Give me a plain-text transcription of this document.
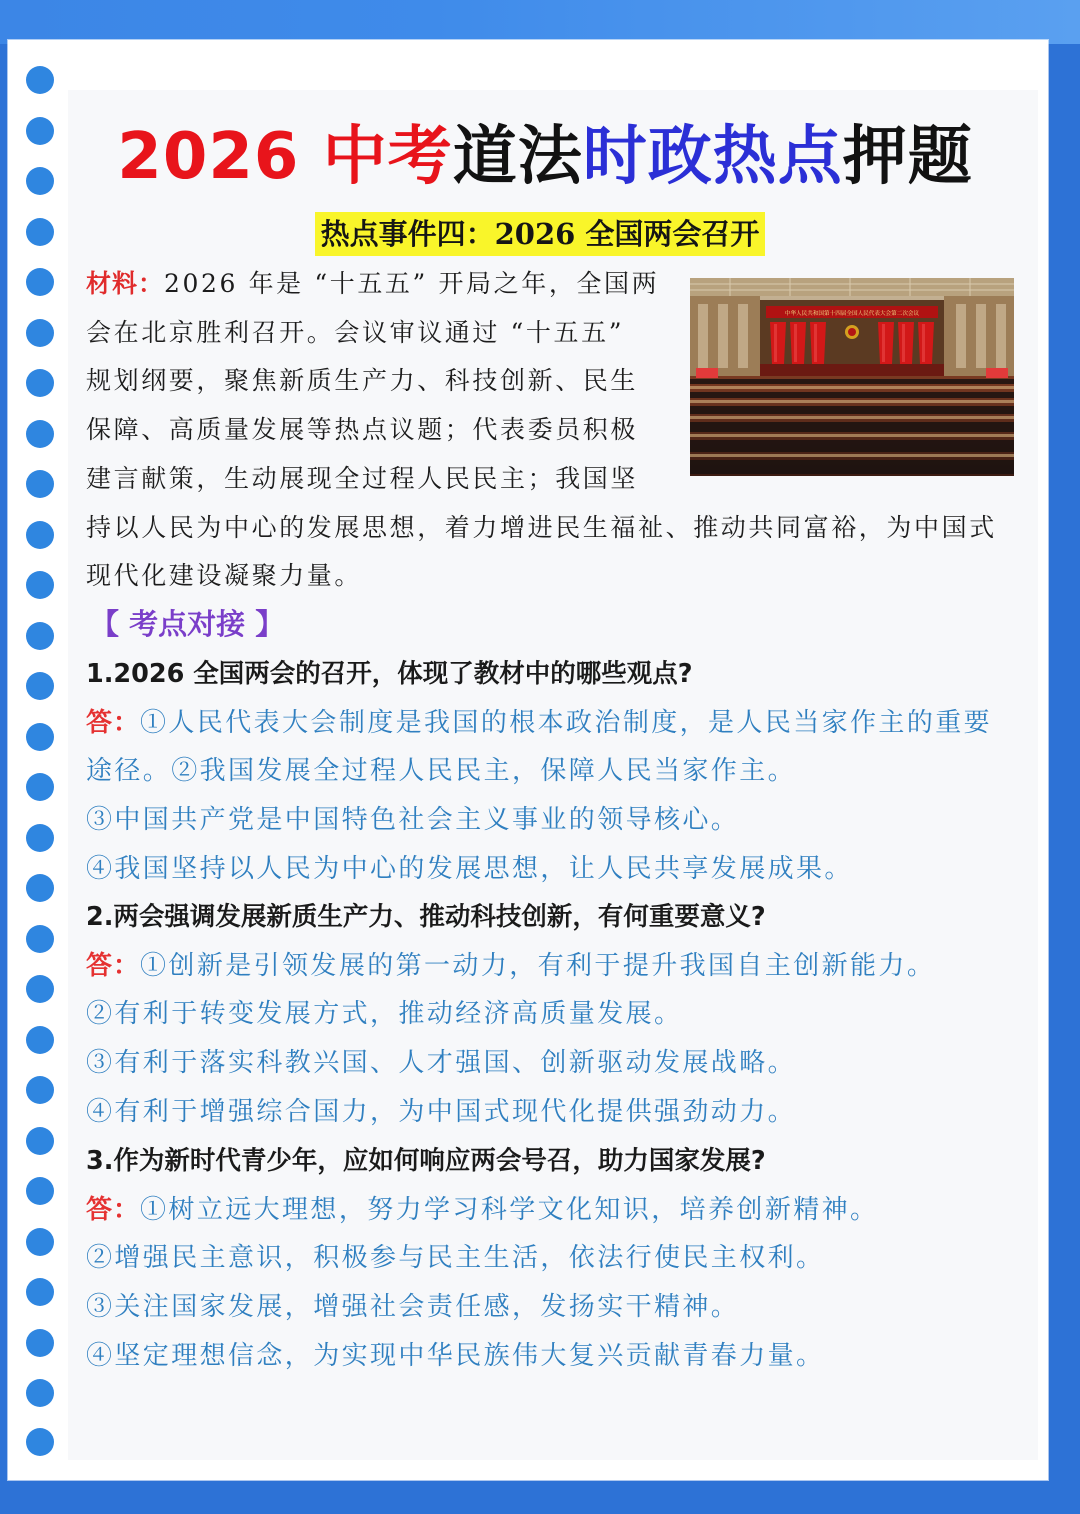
2026 中考道法时政热点押题
热点事件四：2026 全国两会召开
材料：2026 年是 “十五五” 开局之年，全国两会在北京胜利召开。会议审议通过 “十五五” 规划纲要，聚焦新质生产力、科技创新、民生保障、高质量发展等热点议题；代表委员积极建言献策，生动展现全过程人民民主；我国坚持以人民为中心的发展思想，着力增进民生福祉、推动共同富裕，为中国式现代化建设凝聚力量。
中华人民共和国第十四届全国人民代表大会第二次会议
【 考点对接 】
1.2026 全国两会的召开，体现了教材中的哪些观点?
答：①人民代表大会制度是我国的根本政治制度，是人民当家作主的重要
途径。②我国发展全过程人民民主，保障人民当家作主。
③中国共产党是中国特色社会主义事业的领导核心。
④我国坚持以人民为中心的发展思想，让人民共享发展成果。
2.两会强调发展新质生产力、推动科技创新，有何重要意义?
答：①创新是引领发展的第一动力，有利于提升我国自主创新能力。
②有利于转变发展方式，推动经济高质量发展。
③有利于落实科教兴国、人才强国、创新驱动发展战略。
④有利于增强综合国力，为中国式现代化提供强劲动力。
3.作为新时代青少年，应如何响应两会号召，助力国家发展?
答：①树立远大理想，努力学习科学文化知识，培养创新精神。
②增强民主意识，积极参与民主生活，依法行使民主权利。
③关注国家发展，增强社会责任感，发扬实干精神。
④坚定理想信念，为实现中华民族伟大复兴贡献青春力量。
